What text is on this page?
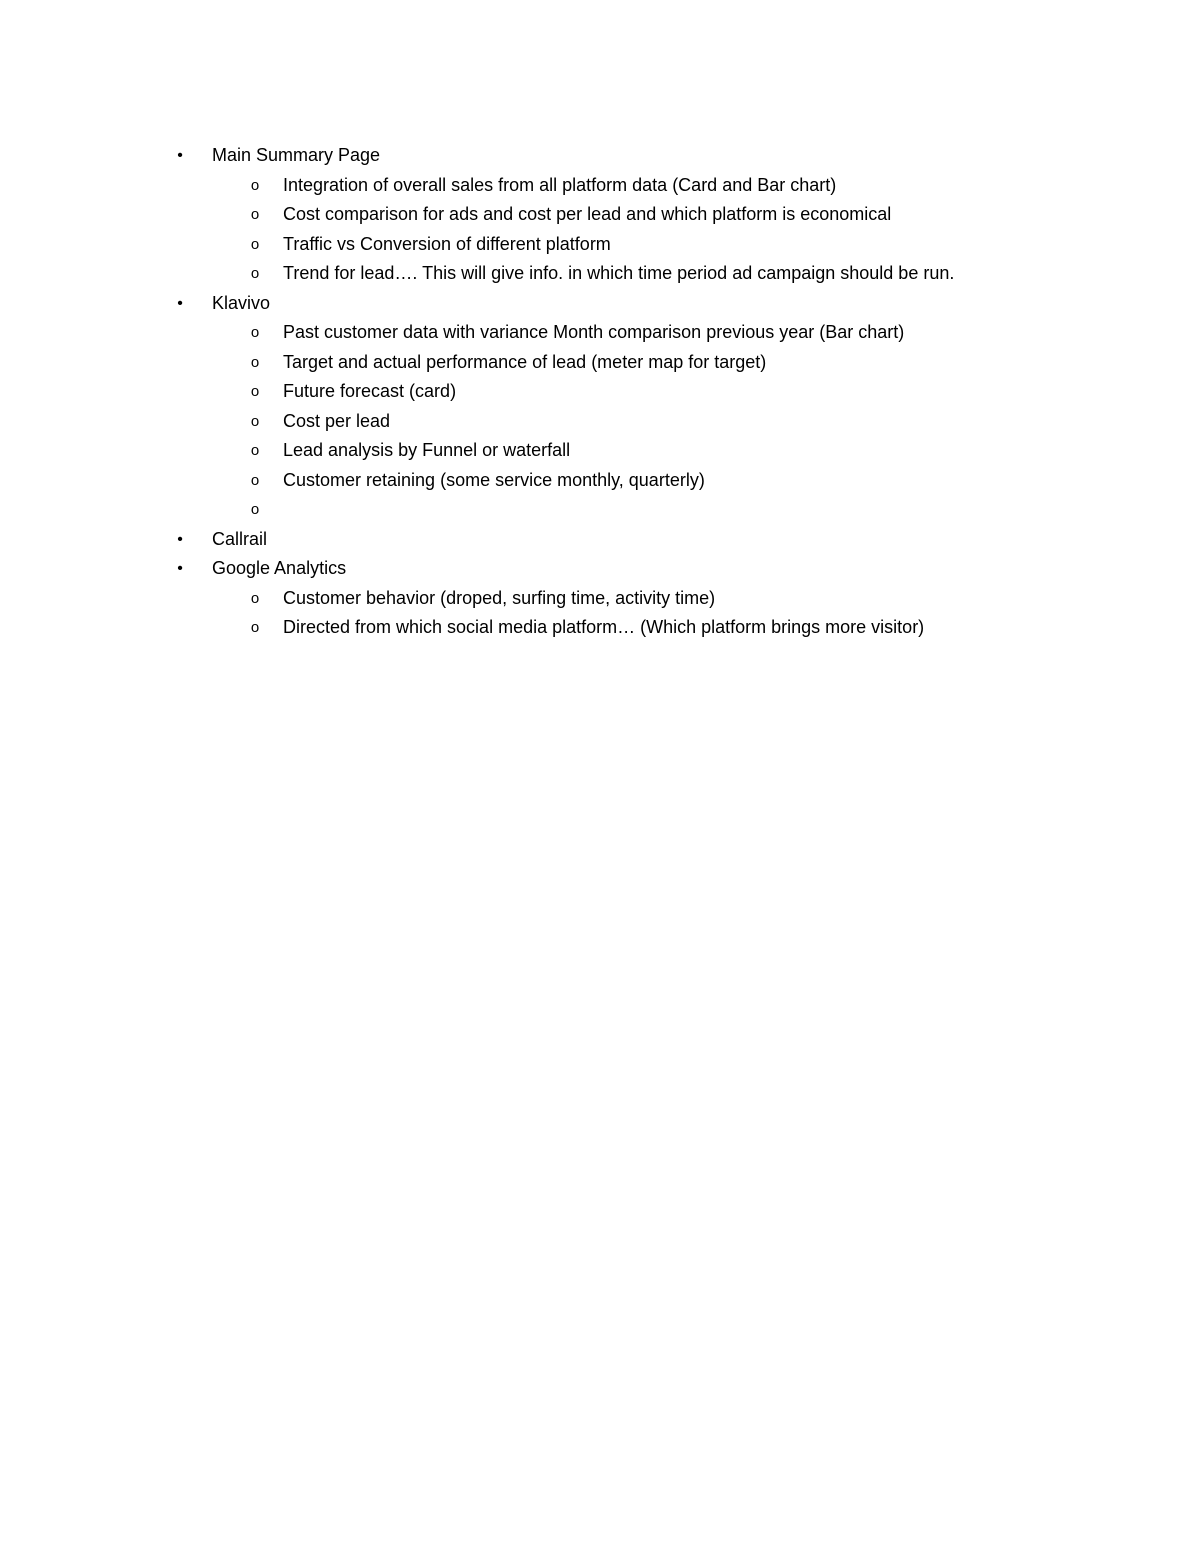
• Main Summary Page
o Integration of overall sales from all platform data (Card and Bar chart)
o Cost comparison for ads and cost per lead and which platform is economical
o Traffic vs Conversion of different platform
o Trend for lead…. This will give info. in which time period ad campaign should be run.
• Klavivo
o Past customer data with variance Month comparison previous year (Bar chart)
o Target and actual performance of lead (meter map for target)
o Future forecast (card)
o Cost per lead
o Lead analysis by Funnel or waterfall
o Customer retaining (some service monthly, quarterly)
o
• Callrail
• Google Analytics
o Customer behavior (droped, surfing time, activity time)
o Directed from which social media platform… (Which platform brings more visitor)
